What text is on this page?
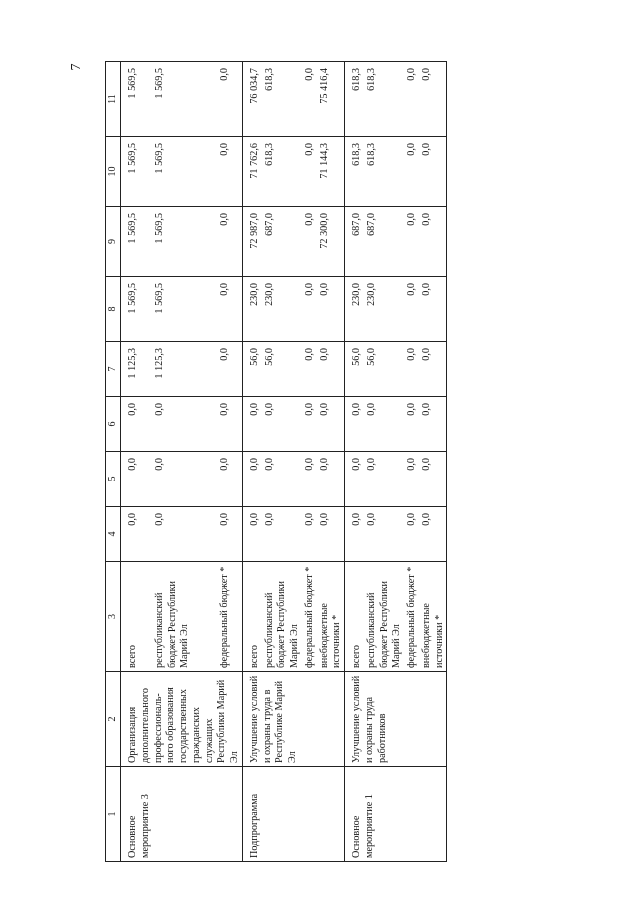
7
1	2	3	4	5	6	7	8	9	10	11
Основное мероприятие 3	Организация дополнительного профессиональ-ного образования государственных гражданских служащих Республики Марий Эл	всего	0,0	0,0	0,0	1 125,3	1 569,5	1 569,5	1 569,5	1 569,5
		республиканский бюджет Республики Марий Эл	0,0	0,0	0,0	1 125,3	1 569,5	1 569,5	1 569,5	1 569,5
		федеральный бюджет *	0,0	0,0	0,0	0,0	0,0	0,0	0,0	0,0
Подпрограмма	Улучшение условий и охраны труда в Республике Марий Эл	всего	0,0	0,0	0,0	56,0	230,0	72 987,0	71 762,6	76 034,7
		республиканский бюджет Республики Марий Эл	0,0	0,0	0,0	56,0	230,0	687,0	618,3	618,3
		федеральный бюджет *	0,0	0,0	0,0	0,0	0,0	0,0	0,0	0,0
		внебюджетные источники *	0,0	0,0	0,0	0,0	0,0	72 300,0	71 144,3	75 416,4
Основное мероприятие 1	Улучшение условий и охраны труда работников	всего	0,0	0,0	0,0	56,0	230,0	687,0	618,3	618,3
		республиканский бюджет Республики Марий Эл	0,0	0,0	0,0	56,0	230,0	687,0	618,3	618,3
		федеральный бюджет *	0,0	0,0	0,0	0,0	0,0	0,0	0,0	0,0
		внебюджетные источники *	0,0	0,0	0,0	0,0	0,0	0,0	0,0	0,0
